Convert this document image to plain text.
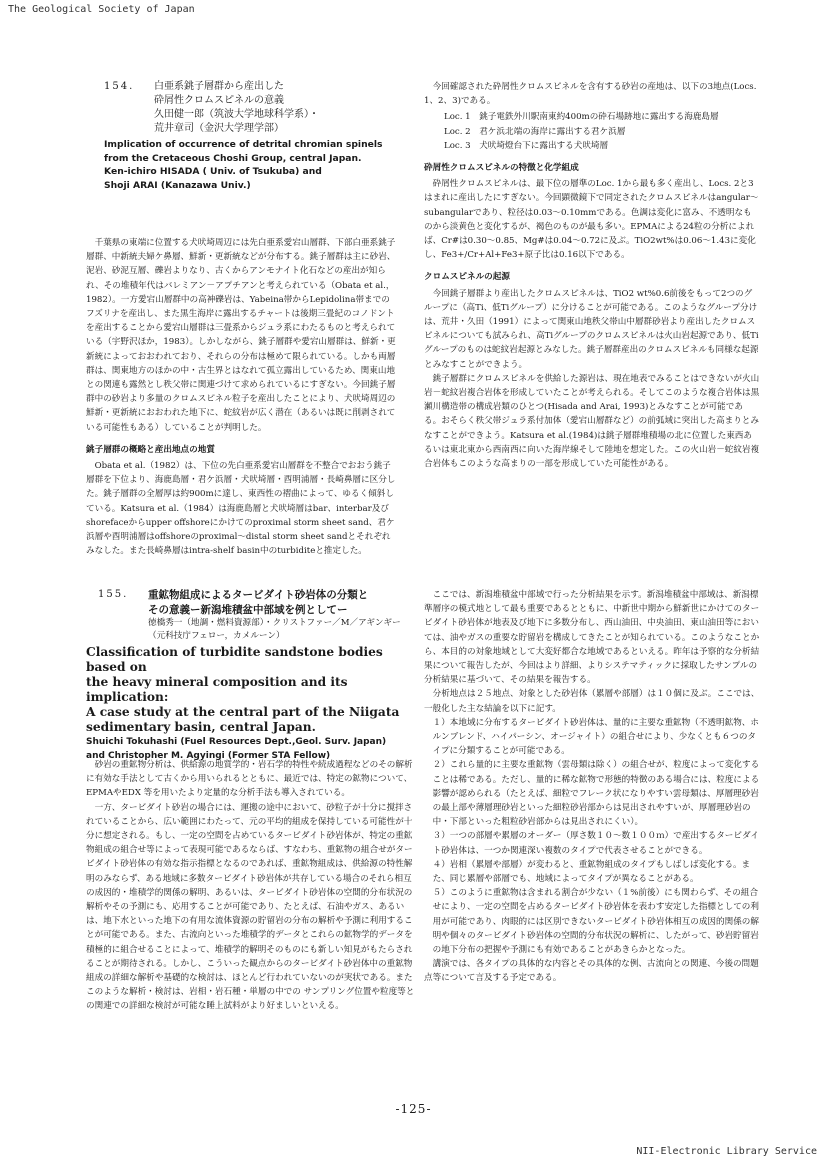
The Geological Society of Japan
154. 白亜系銚子層群から産出した
砕屑性クロムスピネルの意義
久田健一郎（筑波大学地球科学系）・
荒井章司（金沢大学理学部）
Implication of occurrence of detrital chromian spinels
from the Cretaceous Choshi Group, central Japan.
Ken-ichiro HISADA ( Univ. of Tsukuba) and
Shoji ARAI (Kanazawa Univ.)

千葉県の東端に位置する犬吠埼周辺には先白亜系愛宕山層群、下部白亜系銚子層群、中新統夫婦ケ鼻層、鮮新・更新統などが分布する。銚子層群は主に砂岩、泥岩、砂泥互層、礫岩よりなり、古くからアンモナイト化石などの産出が知られ、その堆積年代はバレミアン－アプチアンと考えられている（Obata et al.，1982）。一方愛宕山層群中の高神礫岩は、Yabeina帯からLepidolina帯までのフズリナを産出し、また黒生海岸に露出するチャートは後期三畳紀のコノドントを産出することから愛宕山層群は三畳系からジュラ系にわたるものと考えられている（宇野沢ほか，1983）。しかしながら、銚子層群や愛宕山層群は、鮮新・更新統によっておおわれており、それらの分布は極めて限られている。しかも両層群は、関東地方のほかの中・古生界とはなれて孤立露出しているため、関東山地との関連も露然とし秩父帯に関連づけて求められているにすぎない。今回銚子層群中の砂岩より多量のクロムスピネル粒子を産出したことにより、犬吠埼周辺の鮮新・更新統におおわれた地下に、蛇紋岩が広く潜在（あるいは既に削剥されている可能性もある）していることが判明した。

銚子層群の概略と産出地点の地質

Obata et al.（1982）は、下位の先白亜系愛宕山層群を不整合でおおう銚子層群を下位より、海鹿島層・君ケ浜層・犬吠埼層・酉明浦層・長崎鼻層に区分した。銚子層群の全層厚は約900mに達し、東西性の褶曲によって、ゆるく傾斜している。Katsura et al.（1984）は海鹿島層と犬吠埼層はbar、interbar及びshorefaceからupper offshoreにかけてのproximal storm sheet sand、君ケ浜層や酉明浦層はoffshoreのproximal～distal storm sheet sandとそれぞれみなした。また長崎鼻層はintra-shelf basin中のturbiditeと推定した。

今回確認された砕屑性クロムスピネルを含有する砂岩の産地は、以下の3地点(Locs. 1、2、3)である。

Loc. 1　銚子電鉄外川駅南東約400mの砕石場跡地に露出する海鹿島層
Loc. 2　君ケ浜北端の海岸に露出する君ケ浜層
Loc. 3　犬吠埼燈台下に露出する犬吠埼層
砕屑性クロムスピネルの特徴と化学組成

砕屑性クロムスピネルは、最下位の層準のLoc. 1から最も多く産出し、Locs. 2と3はまれに産出したにすぎない。今回顕微鏡下で同定されたクロムスピネルはangular～subangularであり、粒径は0.03～0.10mmである。色調は変化に富み、不透明なものから淡黄色と変化するが、褐色のものが最も多い。EPMAによる24粒の分析によれば、Cr#は0.30～0.85、Mg#は0.04～0.72に及ぶ。TiO2wt%は0.06～1.43に変化し、Fe3+/Cr+Al+Fe3+原子比は0.16以下である。

クロムスピネルの起源

今回銚子層群より産出したクロムスピネルは、TiO2 wt%0.6前後をもって2つのグループに（高Ti、低Tiグループ）に分けることが可能である。このようなグループ分けは、荒井・久田（1991）によって関東山地秩父帯山中層群砂岩より産出したクロムスピネルについても試みられ、高Tiグループのクロムスピネルは火山岩起源であり、低Tiグループのものは蛇紋岩起源とみなした。銚子層群産出のクロムスピネルも同様な起源とみなすことができよう。

銚子層群にクロムスピネルを供給した源岩は、現在地表でみることはできないが火山岩－蛇紋岩複合岩体を形成していたことが考えられる。そしてこのような複合岩体は黒瀬川構造帯の構成岩類のひとつ(Hisada and Arai, 1993)とみなすことが可能である。おそらく秩父帯ジュラ系付加体（愛宕山層群など）の前弧域に突出した高まりとみなすことができよう。Katsura et al.(1984)は銚子層群堆積場の北に位置した東西あるいは東北東から西南西に向いた海岸線そして陸地を想定した。この火山岩－蛇紋岩複合岩体もこのような高まりの一部を形成していた可能性がある。

155. 重鉱物組成によるタービダイト砂岩体の分類と
その意義ー新潟堆積盆中部域を例としてー
徳橋秀一（地調・燃料資源部）・クリストファー／M／アギンギー
（元科技庁フェロー，カメルーン）
Classification of turbidite sandstone bodies based on
the heavy mineral composition and its implication:
A case study at the central part of the Niigata
sedimentary basin, central Japan.
Shuichi Tokuhashi (Fuel Resources Dept.,Geol. Surv. Japan)
and Christopher M. Agyingi (Former STA Fellow)

砂岩の重鉱物分析は、供給源の地質学的・岩石学的特性や続成過程などのその解析に有効な手法として古くから用いられるとともに、最近では、特定の鉱物について、EPMAやEDX 等を用いたより定量的な分析手法も導入されている。

一方、タービダイト砂岩の場合には、運搬の途中において、砂粒子が十分に撹拌されていることから、広い範囲にわたって、元の平均的組成を保持している可能性が十分に想定される。もし、一定の空間を占めているタービダイト砂岩体が、特定の重鉱物組成の組合せ等によって表現可能であるならば、すなわち、重鉱物の組合せがタービダイト砂岩体の有効な指示指標となるのであれば、重鉱物組成は、供給源の特性解明のみならず、ある地域に多数タービダイト砂岩体が共存している場合のそれら相互の成因的・堆積学的関係の解明、あるいは、タービダイト砂岩体の空間的分布状況の解析やその予測にも、応用することが可能であり、たとえば、石油やガス、あるいは、地下水といった地下の有用な流体資源の貯留岩の分布の解析や予測に利用することが可能である。また、古流向といった堆積学的データとこれらの鉱物学的データを積極的に組合せることによって、堆積学的解明そのものにも新しい知見がもたらされることが期待される。しかし、こういった観点からのタービダイト砂岩体中の重鉱物組成の詳細な解析や基礎的な検討は、ほとんど行われていないのが実状である。またこのような解析・検討は、岩相・岩石種・単層の中での サンプリング位置や粒度等との関連での詳細な検討が可能な睡上試料がより好ましいといえる。

ここでは、新潟堆積盆中部域で行った分析結果を示す。新潟堆積盆中部域は、新潟標準層序の模式地として最も重要であるとともに、中新世中期から鮮新世にかけてのタービダイト砂岩体が地表及び地下に多数分布し、西山油田、中央油田、東山油田等においては、油やガスの重要な貯留岩を構成してきたことが知られている。このようなことから、本目的の対象地域として大変好都合な地域であるといえる。昨年は予察的な分析結果について報告したが、今回はより詳細、よりシステマティックに採取したサンプルの分析結果に基づいて、その結果を報告する。

分析地点は２５地点、対象とした砂岩体（累層や部層）は１０個に及ぶ。ここでは、一般化した主な結論を以下に記す。

１）本地域に分布するタービダイト砂岩体は、量的に主要な重鉱物（不透明鉱物、ホルンブレンド、ハイパーシン、オージャイト）の組合せにより、少なくとも６つのタイプに分類することが可能である。

２）これら量的に主要な重鉱物（雲母類は除く）の組合せが、粒度によって変化することは稀である。ただし、量的に稀な鉱物で形態的特徴のある場合には、粒度による影響が認められる（たとえば、細粒でフレーク状になりやすい雲母類は、厚層理砂岩の最上部や薄層理砂岩といった細粒砂岩部からは見出されやすいが、厚層理砂岩の中・下部といった粗粒砂岩部からは見出されにくい）。

３）一つの部層や累層のオーダー（厚さ数１０～数１００ｍ）で産出するタービダイト砂岩体は、一つか関連深い複数のタイプで代表させることができる。

４）岩相（累層や部層）が変わると、重鉱物組成のタイプもしばしば変化する。また、同じ累層や部層でも、地域によってタイプが異なることがある。

５）このように重鉱物は含まれる割合が少ない（１%前後）にも関わらず、その組合せにより、一定の空間を占めるタービダイト砂岩体を表わす安定した指標としての利用が可能であり、肉眼的には区別できないタービダイト砂岩体相互の成因的関係の解明や個々のタービダイト砂岩体の空間的分布状況の解析に、したがって、砂岩貯留岩の地下分布の把握や予測にも有効であることがあきらかとなった。

講演では、各タイプの具体的な内容とその具体的な例、古流向との関連、今後の問題点等について言及する予定である。

-125-
NII-Electronic Library Service
